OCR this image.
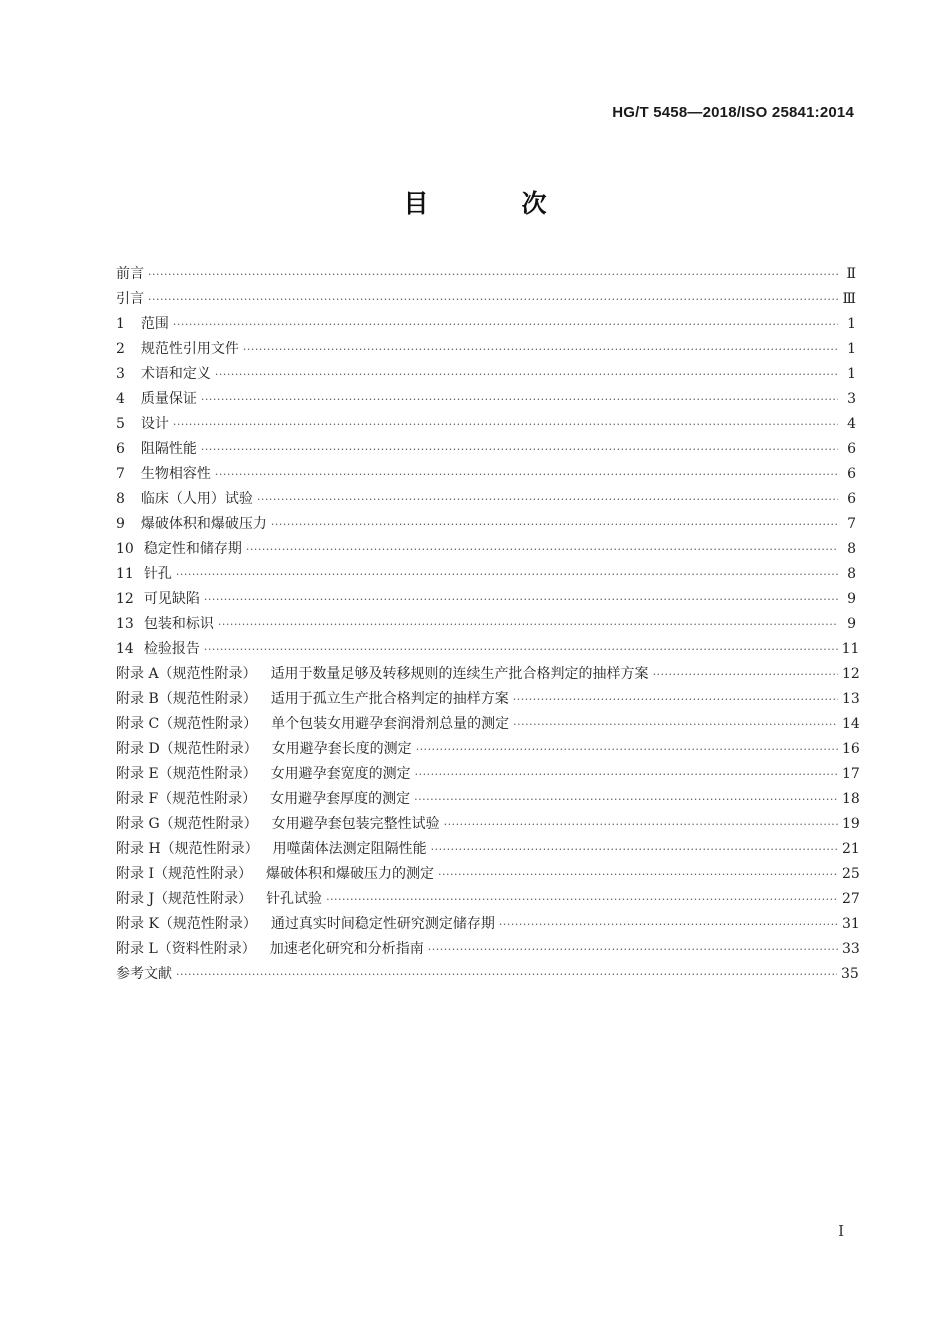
HG/T 5458—2018/ISO 25841:2014
目　次
前言 ·····	Ⅱ
引言 ·····	Ⅲ
1 范围 ·····	1
2 规范性引用文件 ·····	1
3 术语和定义 ·····	1
4 质量保证 ·····	3
5 设计 ·····	4
6 阻隔性能 ·····	6
7 生物相容性 ·····	6
8 临床（人用）试验 ·····	6
9 爆破体积和爆破压力 ·····	7
10 稳定性和储存期 ·····	8
11 针孔 ·····	8
12 可见缺陷 ·····	9
13 包装和标识 ·····	9
14 检验报告 ·····	11
附录 A（规范性附录） 适用于数量足够及转移规则的连续生产批合格判定的抽样方案 ·····	12
附录 B（规范性附录） 适用于孤立生产批合格判定的抽样方案 ·····	13
附录 C（规范性附录） 单个包装女用避孕套润滑剂总量的测定 ·····	14
附录 D（规范性附录） 女用避孕套长度的测定 ·····	16
附录 E（规范性附录） 女用避孕套宽度的测定 ·····	17
附录 F（规范性附录） 女用避孕套厚度的测定 ·····	18
附录 G（规范性附录） 女用避孕套包装完整性试验 ·····	19
附录 H（规范性附录） 用噬菌体法测定阻隔性能 ·····	21
附录 I（规范性附录） 爆破体积和爆破压力的测定 ·····	25
附录 J（规范性附录） 针孔试验 ·····	27
附录 K（规范性附录） 通过真实时间稳定性研究测定储存期 ·····	31
附录 L（资料性附录） 加速老化研究和分析指南 ·····	33
参考文献 ·····	35
I
